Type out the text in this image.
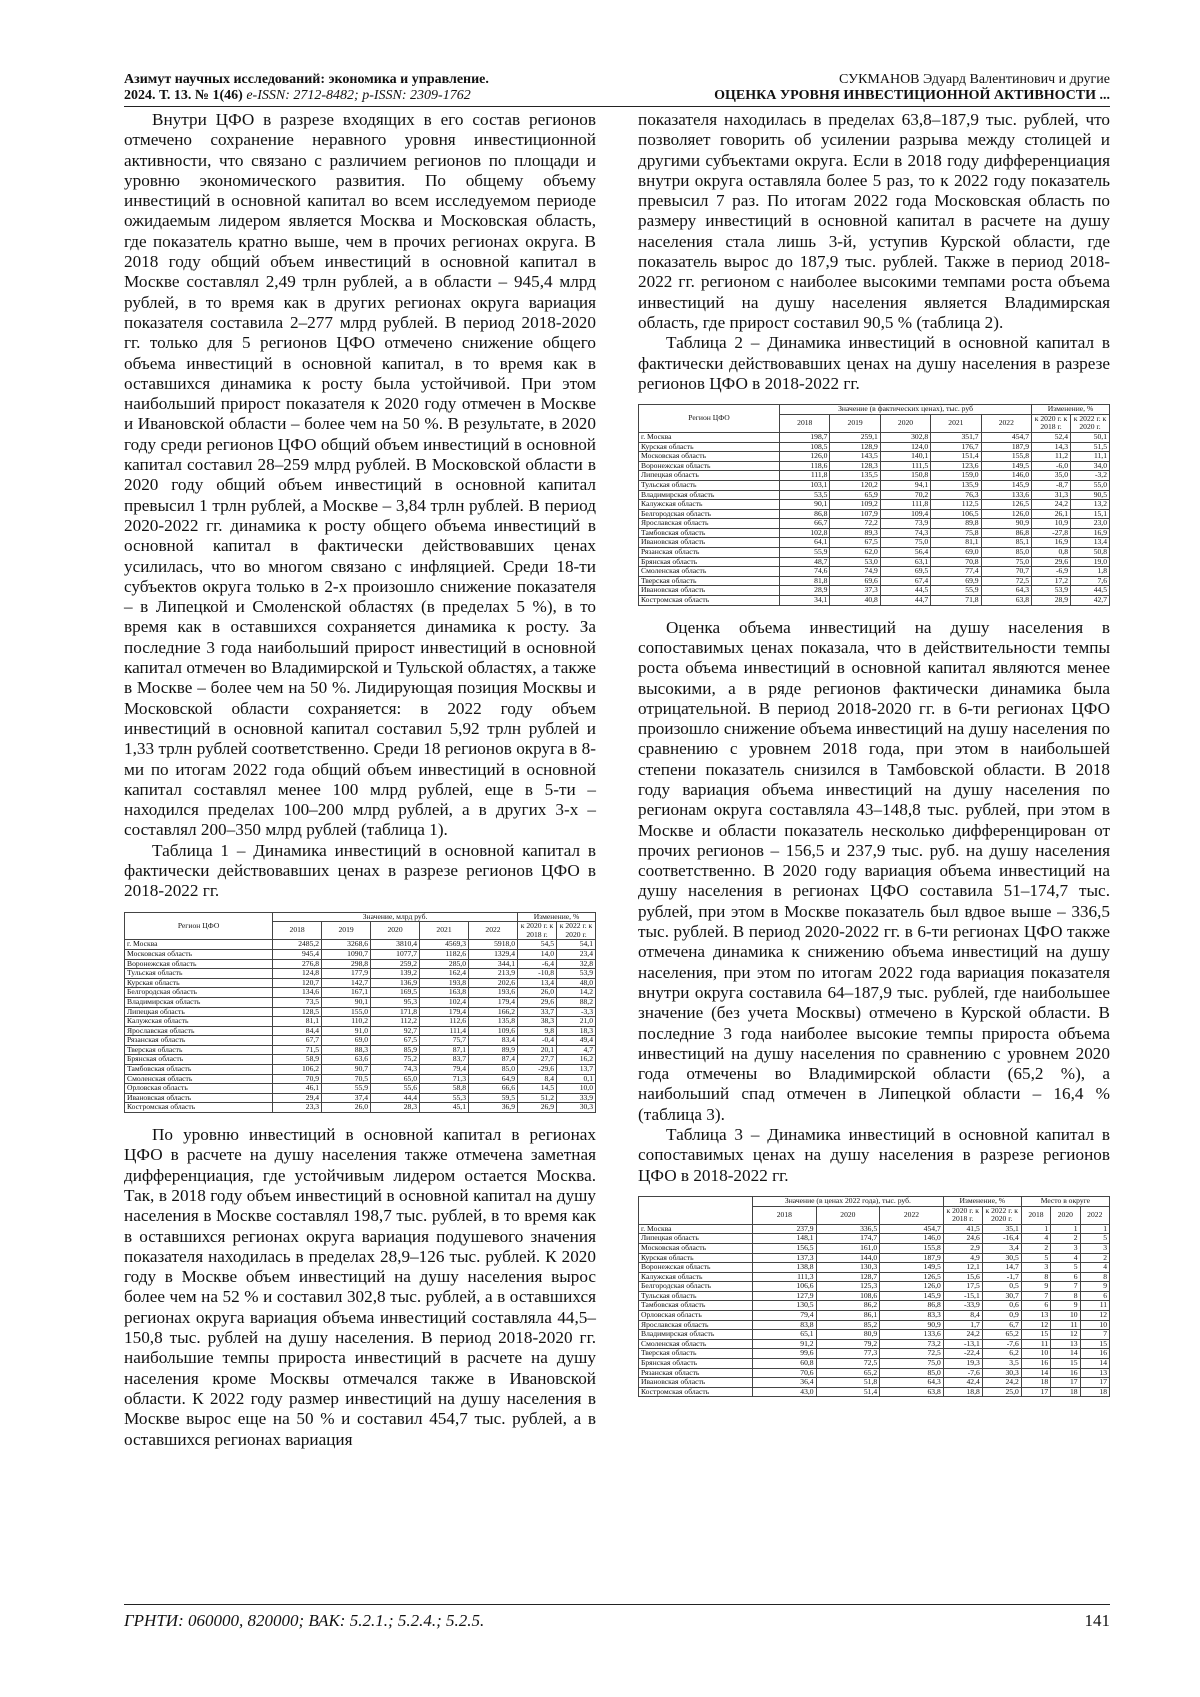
Азимут научных исследований: экономика и управление.
2024. Т. 13. № 1(46) e-ISSN: 2712-8482; p-ISSN: 2309-1762
СУКМАНОВ Эдуард Валентинович и другие
ОЦЕНКА УРОВНЯ ИНВЕСТИЦИОННОЙ АКТИВНОСТИ ...

Внутри ЦФО в разрезе входящих в его состав регионов отмечено сохранение неравного уровня инвестиционной активности, что связано с различием регионов по площади и уровню экономического развития. По общему объему инвестиций в основной капитал во всем исследуемом периоде ожидаемым лидером является Москва и Московская область, где показатель кратно выше, чем в прочих регионах округа. В 2018 году общий объем инвестиций в основной капитал в Москве составлял 2,49 трлн рублей, а в области – 945,4 млрд рублей, в то время как в других регионах округа вариация показателя составила 2–277 млрд рублей. В период 2018-2020 гг. только для 5 регионов ЦФО отмечено снижение общего объема инвестиций в основной капитал, в то время как в оставшихся динамика к росту была устойчивой. При этом наибольший прирост показателя к 2020 году отмечен в Москве и Ивановской области – более чем на 50 %. В результате, в 2020 году среди регионов ЦФО общий объем инвестиций в основной капитал составил 28–259 млрд рублей. В Московской области в 2020 году общий объем инвестиций в основной капитал превысил 1 трлн рублей, а Москве – 3,84 трлн рублей. В период 2020-2022 гг. динамика к росту общего объема инвестиций в основной капитал в фактически действовавших ценах усилилась, что во многом связано с инфляцией. Среди 18-ти субъектов округа только в 2-х произошло снижение показателя – в Липецкой и Смоленской областях (в пределах 5 %), в то время как в оставшихся сохраняется динамика к росту. За последние 3 года наибольший прирост инвестиций в основной капитал отмечен во Владимирской и Тульской областях, а также в Москве – более чем на 50 %. Лидирующая позиция Москвы и Московской области сохраняется: в 2022 году объем инвестиций в основной капитал составил 5,92 трлн рублей и 1,33 трлн рублей соответственно. Среди 18 регионов округа в 8-ми по итогам 2022 года общий объем инвестиций в основной капитал составлял менее 100 млрд рублей, еще в 5-ти – находился пределах 100–200 млрд рублей, а в других 3-х – составлял 200–350 млрд рублей (таблица 1).

Таблица 1 – Динамика инвестиций в основной капитал в фактически действовавших ценах в разрезе регионов ЦФО в 2018-2022 гг.

Регион ЦФО	Значение, млрд руб.					Изменение, %	
	2018	2019	2020	2021	2022	к 2020 г. к 2018 г.	к 2022 г. к 2020 г.
г. Москва	2485,2	3268,6	3810,4	4569,3	5918,0	54,5	54,1
Московская область	945,4	1090,7	1077,7	1182,6	1329,4	14,0	23,4
Воронежская область	276,8	298,8	259,2	285,0	344,1	-6,4	32,8
Тульская область	124,8	177,9	139,2	162,4	213,9	-10,8	53,9
Курская область	120,7	142,7	136,9	193,8	202,6	13,4	48,0
Белгородская область	134,6	167,1	169,5	163,8	193,6	26,0	14,2
Владимирская область	73,5	90,1	95,3	102,4	179,4	29,6	88,2
Липецкая область	128,5	155,0	171,8	179,4	166,2	33,7	-3,3
Калужская область	81,1	110,2	112,2	112,6	135,8	38,3	21,0
Ярославская область	84,4	91,0	92,7	111,4	109,6	9,8	18,3
Рязанская область	67,7	69,0	67,5	75,7	83,4	-0,4	49,4
Тверская область	71,5	88,3	85,9	87,1	89,9	20,1	4,7
Брянская область	58,9	63,6	75,2	83,7	87,4	27,7	16,2
Тамбовская область	106,2	90,7	74,3	79,4	85,0	-29,6	13,7
Смоленская область	70,9	70,5	65,0	71,3	64,9	8,4	0,1
Орловская область	46,1	55,9	55,6	58,8	66,6	14,5	10,0
Ивановская область	29,4	37,4	44,4	55,3	59,5	51,2	33,9
Костромская область	23,3	26,0	28,3	45,1	36,9	26,9	30,3

По уровню инвестиций в основной капитал в регионах ЦФО в расчете на душу населения также отмечена заметная дифференциация, где устойчивым лидером остается Москва. Так, в 2018 году объем инвестиций в основной капитал на душу населения в Москве составлял 198,7 тыс. рублей, в то время как в оставшихся регионах округа вариация подушевого значения показателя находилась в пределах 28,9–126 тыс. рублей. К 2020 году в Москве объем инвестиций на душу населения вырос более чем на 52 % и составил 302,8 тыс. рублей, а в оставшихся регионах округа вариация объема инвестиций составляла 44,5–150,8 тыс. рублей на душу населения. В период 2018-2020 гг. наибольшие темпы прироста инвестиций в расчете на душу населения кроме Москвы отмечался также в Ивановской области. К 2022 году размер инвестиций на душу населения в Москве вырос еще на 50 % и составил 454,7 тыс. рублей, а в оставшихся регионах вариация

показателя находилась в пределах 63,8–187,9 тыс. рублей, что позволяет говорить об усилении разрыва между столицей и другими субъектами округа. Если в 2018 году дифференциация внутри округа оставляла более 5 раз, то к 2022 году показатель превысил 7 раз. По итогам 2022 года Московская область по размеру инвестиций в основной капитал в расчете на душу населения стала лишь 3-й, уступив Курской области, где показатель вырос до 187,9 тыс. рублей. Также в период 2018-2022 гг. регионом с наиболее высокими темпами роста объема инвестиций на душу населения является Владимирская область, где прирост составил 90,5 % (таблица 2).

Таблица 2 – Динамика инвестиций в основной капитал в фактически действовавших ценах на душу населения в разрезе регионов ЦФО в 2018-2022 гг.

Регион ЦФО	Значение (в фактических ценах), тыс. руб					Изменение, %	
	2018	2019	2020	2021	2022	к 2020 г. к 2018 г.	к 2022 г. к 2020 г.
г. Москва	198,7	259,1	302,8	351,7	454,7	52,4	50,1
Курская область	108,5	128,9	124,0	176,7	187,9	14,3	51,5
Московская область	126,0	143,5	140,1	151,4	155,8	11,2	11,1
Воронежская область	118,6	128,3	111,5	123,6	149,5	-6,0	34,0
Липецкая область	111,8	135,5	150,8	159,0	146,0	35,0	-3,2
Тульская область	103,1	120,2	94,1	135,9	145,9	-8,7	55,0
Владимирская область	53,5	65,9	70,2	76,3	133,6	31,3	90,5
Калужская область	90,1	109,2	111,8	112,5	126,5	24,2	13,2
Белгородская область	86,8	107,9	109,4	106,5	126,0	26,1	15,1
Ярославская область	66,7	72,2	73,9	89,8	90,9	10,9	23,0
Тамбовская область	102,8	89,3	74,3	75,8	86,8	-27,8	16,9
Ивановская область	64,1	67,5	75,0	81,1	85,1	16,9	13,4
Рязанская область	55,9	62,0	56,4	69,0	85,0	0,8	50,8
Брянская область	48,7	53,0	63,1	70,8	75,0	29,6	19,0
Смоленская область	74,6	74,9	69,5	77,4	70,7	-6,9	1,8
Тверская область	81,8	69,6	67,4	69,9	72,5	17,2	7,6
Ивановская область	28,9	37,3	44,5	55,9	64,3	53,9	44,5
Костромская область	34,1	40,8	44,7	71,8	63,8	28,9	42,7

Оценка объема инвестиций на душу населения в сопоставимых ценах показала, что в действительности темпы роста объема инвестиций в основной капитал являются менее высокими, а в ряде регионов фактически динамика была отрицательной. В период 2018-2020 гг. в 6-ти регионах ЦФО произошло снижение объема инвестиций на душу населения по сравнению с уровнем 2018 года, при этом в наибольшей степени показатель снизился в Тамбовской области. В 2018 году вариация объема инвестиций на душу населения по регионам округа составляла 43–148,8 тыс. рублей, при этом в Москве и области показатель несколько дифференцирован от прочих регионов – 156,5 и 237,9 тыс. руб. на душу населения соответственно. В 2020 году вариация объема инвестиций на душу населения в регионах ЦФО составила 51–174,7 тыс. рублей, при этом в Москве показатель был вдвое выше – 336,5 тыс. рублей. В период 2020-2022 гг. в 6-ти регионах ЦФО также отмечена динамика к снижению объема инвестиций на душу населения, при этом по итогам 2022 года вариация показателя внутри округа составила 64–187,9 тыс. рублей, где наибольшее значение (без учета Москвы) отмечено в Курской области. В последние 3 года наиболее высокие темпы прироста объема инвестиций на душу населения по сравнению с уровнем 2020 года отмечены во Владимирской области (65,2 %), а наибольший спад отмечен в Липецкой области – 16,4 % (таблица 3).

Таблица 3 – Динамика инвестиций в основной капитал в сопоставимых ценах на душу населения в разрезе регионов ЦФО в 2018-2022 гг.

	Значение (в ценах 2022 года), тыс. руб.			Изменение, %		Место в округе		
	2018	2020	2022	к 2020 г. к 2018 г.	к 2022 г. к 2020 г.	2018	2020	2022
г. Москва	237,9	336,5	454,7	41,5	35,1	1	1	1
Липецкая область	148,1	174,7	146,0	24,6	-16,4	4	2	5
Московская область	156,5	161,0	155,8	2,9	3,4	2	3	3
Курская область	137,3	144,0	187,9	4,9	30,5	5	4	2
Воронежская область	138,8	130,3	149,5	12,1	14,7	3	5	4
Калужская область	111,3	128,7	126,5	15,6	-1,7	8	6	8
Белгородская область	106,6	125,3	126,0	17,5	0,5	9	7	9
Тульская область	127,9	108,6	145,9	-15,1	30,7	7	8	6
Тамбовская область	130,5	86,2	86,8	-33,9	0,6	6	9	11
Орловская область	79,4	86,1	83,3	8,4	0,9	13	10	12
Ярославская область	83,8	85,2	90,9	1,7	6,7	12	11	10
Владимирская область	65,1	80,9	133,6	24,2	65,2	15	12	7
Смоленская область	91,2	79,2	73,2	-13,1	-7,6	11	13	15
Тверская область	99,6	77,3	72,5	-22,4	6,2	10	14	16
Брянская область	60,8	72,5	75,0	19,3	3,5	16	15	14
Рязанская область	70,6	65,2	85,0	-7,6	30,3	14	16	13
Ивановская область	36,4	51,8	64,3	42,4	24,2	18	17	17
Костромская область	43,0	51,4	63,8	18,8	25,0	17	18	18
ГРНТИ: 060000, 820000; ВАК: 5.2.1.; 5.2.4.; 5.2.5.	141
